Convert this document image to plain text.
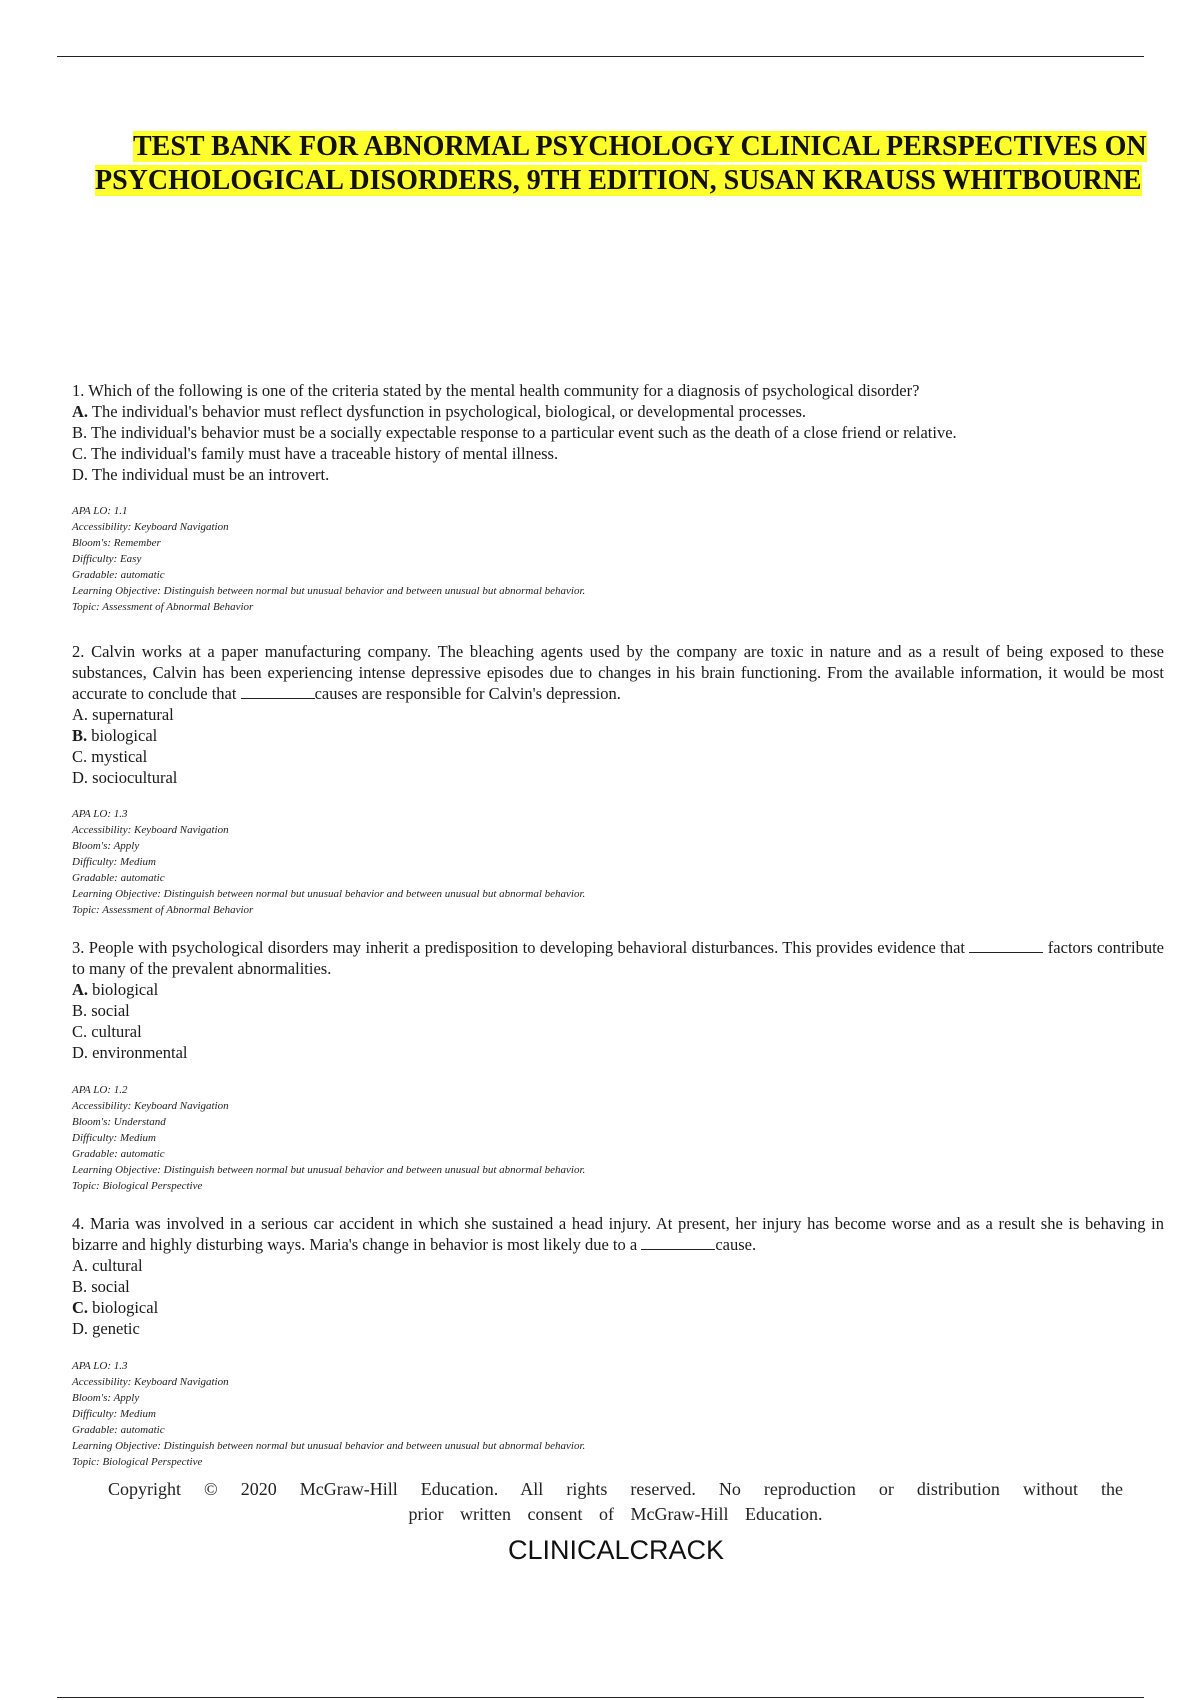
TEST BANK FOR ABNORMAL PSYCHOLOGY CLINICAL PERSPECTIVES ON
PSYCHOLOGICAL DISORDERS, 9TH EDITION, SUSAN KRAUSS WHITBOURNE

1. Which of the following is one of the criteria stated by the mental health community for a diagnosis of psychological disorder?

A. The individual's behavior must reflect dysfunction in psychological, biological, or developmental processes.

B. The individual's behavior must be a socially expectable response to a particular event such as the death of a close friend or relative.

C. The individual's family must have a traceable history of mental illness.

D. The individual must be an introvert.

APA LO: 1.1
Accessibility: Keyboard Navigation
Bloom's: Remember
Difficulty: Easy
Gradable: automatic
Learning Objective: Distinguish between normal but unusual behavior and between unusual but abnormal behavior.
Topic: Assessment of Abnormal Behavior

2. Calvin works at a paper manufacturing company. The bleaching agents used by the company are toxic in nature and as a result of being exposed to these substances, Calvin has been experiencing intense depressive episodes due to changes in his brain functioning. From the available information, it would be most accurate to conclude that	causes are responsible for Calvin's depression.

A. supernatural

B. biological

C. mystical

D. sociocultural

APA LO: 1.3
Accessibility: Keyboard Navigation
Bloom's: Apply
Difficulty: Medium
Gradable: automatic
Learning Objective: Distinguish between normal but unusual behavior and between unusual but abnormal behavior.
Topic: Assessment of Abnormal Behavior

3. People with psychological disorders may inherit a predisposition to developing behavioral disturbances. This provides evidence that	factors contribute to many of the prevalent abnormalities.

A. biological

B. social

C. cultural

D. environmental

APA LO: 1.2
Accessibility: Keyboard Navigation
Bloom's: Understand
Difficulty: Medium
Gradable: automatic
Learning Objective: Distinguish between normal but unusual behavior and between unusual but abnormal behavior.
Topic: Biological Perspective

4. Maria was involved in a serious car accident in which she sustained a head injury. At present, her injury has become worse and as a result she is behaving in bizarre and highly disturbing ways. Maria's change in behavior is most likely due to a	cause.

A. cultural

B. social

C. biological

D. genetic

APA LO: 1.3
Accessibility: Keyboard Navigation
Bloom's: Apply
Difficulty: Medium
Gradable: automatic
Learning Objective: Distinguish between normal but unusual behavior and between unusual but abnormal behavior.
Topic: Biological Perspective
Copyright © 2020 McGraw-Hill Education. All rights reserved. No reproduction or distribution without the
prior written consent of McGraw-Hill Education.
CLINICALCRACK
